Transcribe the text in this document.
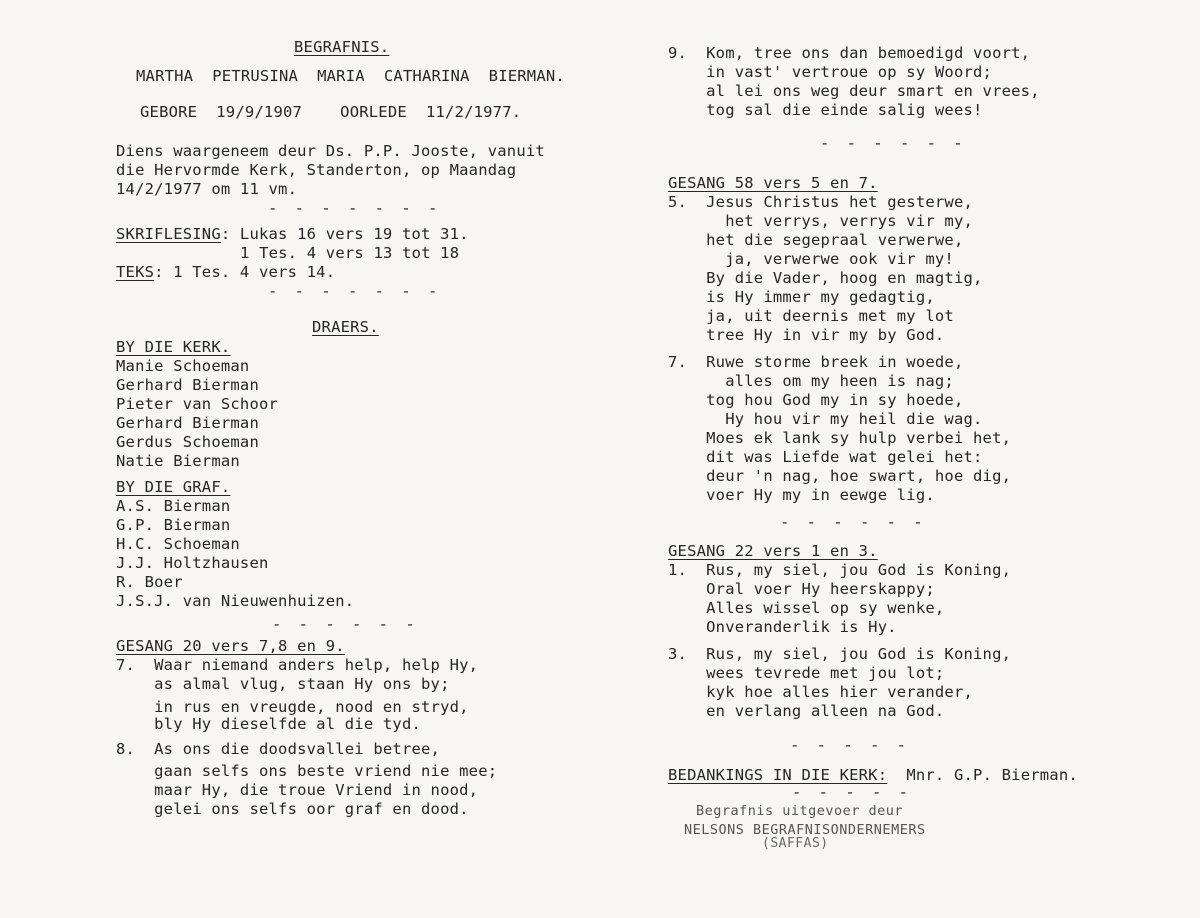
BEGRAFNIS.
MARTHA  PETRUSINA  MARIA  CATHARINA  BIERMAN.
GEBORE  19/9/1907    OORLEDE  11/2/1977.
Diens waargeneem deur Ds. P.P. Jooste, vanuit
die Hervormde Kerk, Standerton, op Maandag
14/2/1977 om 11 vm.
- - - - - - -
SKRIFLESING: Lukas 16 vers 19 tot 31.
1 Tes. 4 vers 13 tot 18
TEKS: 1 Tes. 4 vers 14.
- - - - - - -
DRAERS.
BY DIE KERK.
Manie Schoeman
Gerhard Bierman
Pieter van Schoor
Gerhard Bierman
Gerdus Schoeman
Natie Bierman
BY DIE GRAF.
A.S. Bierman
G.P. Bierman
H.C. Schoeman
J.J. Holtzhausen
R. Boer
J.S.J. van Nieuwenhuizen.
- - - - - -
GESANG 20 vers 7,8 en 9.
7.  Waar niemand anders help, help Hy,
as almal vlug, staan Hy ons by;
in rus en vreugde, nood en stryd,
bly Hy dieselfde al die tyd.
8.  As ons die doodsvallei betree,
gaan selfs ons beste vriend nie mee;
maar Hy, die troue Vriend in nood,
gelei ons selfs oor graf en dood.
9.  Kom, tree ons dan bemoedigd voort,
in vast' vertroue op sy Woord;
al lei ons weg deur smart en vrees,
tog sal die einde salig wees!
- - - - - -
GESANG 58 vers 5 en 7.
5.  Jesus Christus het gesterwe,
het verrys, verrys vir my,
het die segepraal verwerwe,
ja, verwerwe ook vir my!
By die Vader, hoog en magtig,
is Hy immer my gedagtig,
ja, uit deernis met my lot
tree Hy in vir my by God.
7.  Ruwe storme breek in woede,
alles om my heen is nag;
tog hou God my in sy hoede,
Hy hou vir my heil die wag.
Moes ek lank sy hulp verbei het,
dit was Liefde wat gelei het:
deur 'n nag, hoe swart, hoe dig,
voer Hy my in eewge lig.
- - - - - -
GESANG 22 vers 1 en 3.
1.  Rus, my siel, jou God is Koning,
Oral voer Hy heerskappy;
Alles wissel op sy wenke,
Onveranderlik is Hy.
3.  Rus, my siel, jou God is Koning,
wees tevrede met jou lot;
kyk hoe alles hier verander,
en verlang alleen na God.
- - - - -
BEDANKINGS IN DIE KERK: Mnr. G.P. Bierman.
- - - - -
Begrafnis uitgevoer deur
NELSONS BEGRAFNISONDERNEMERS
(SAFFAS)
